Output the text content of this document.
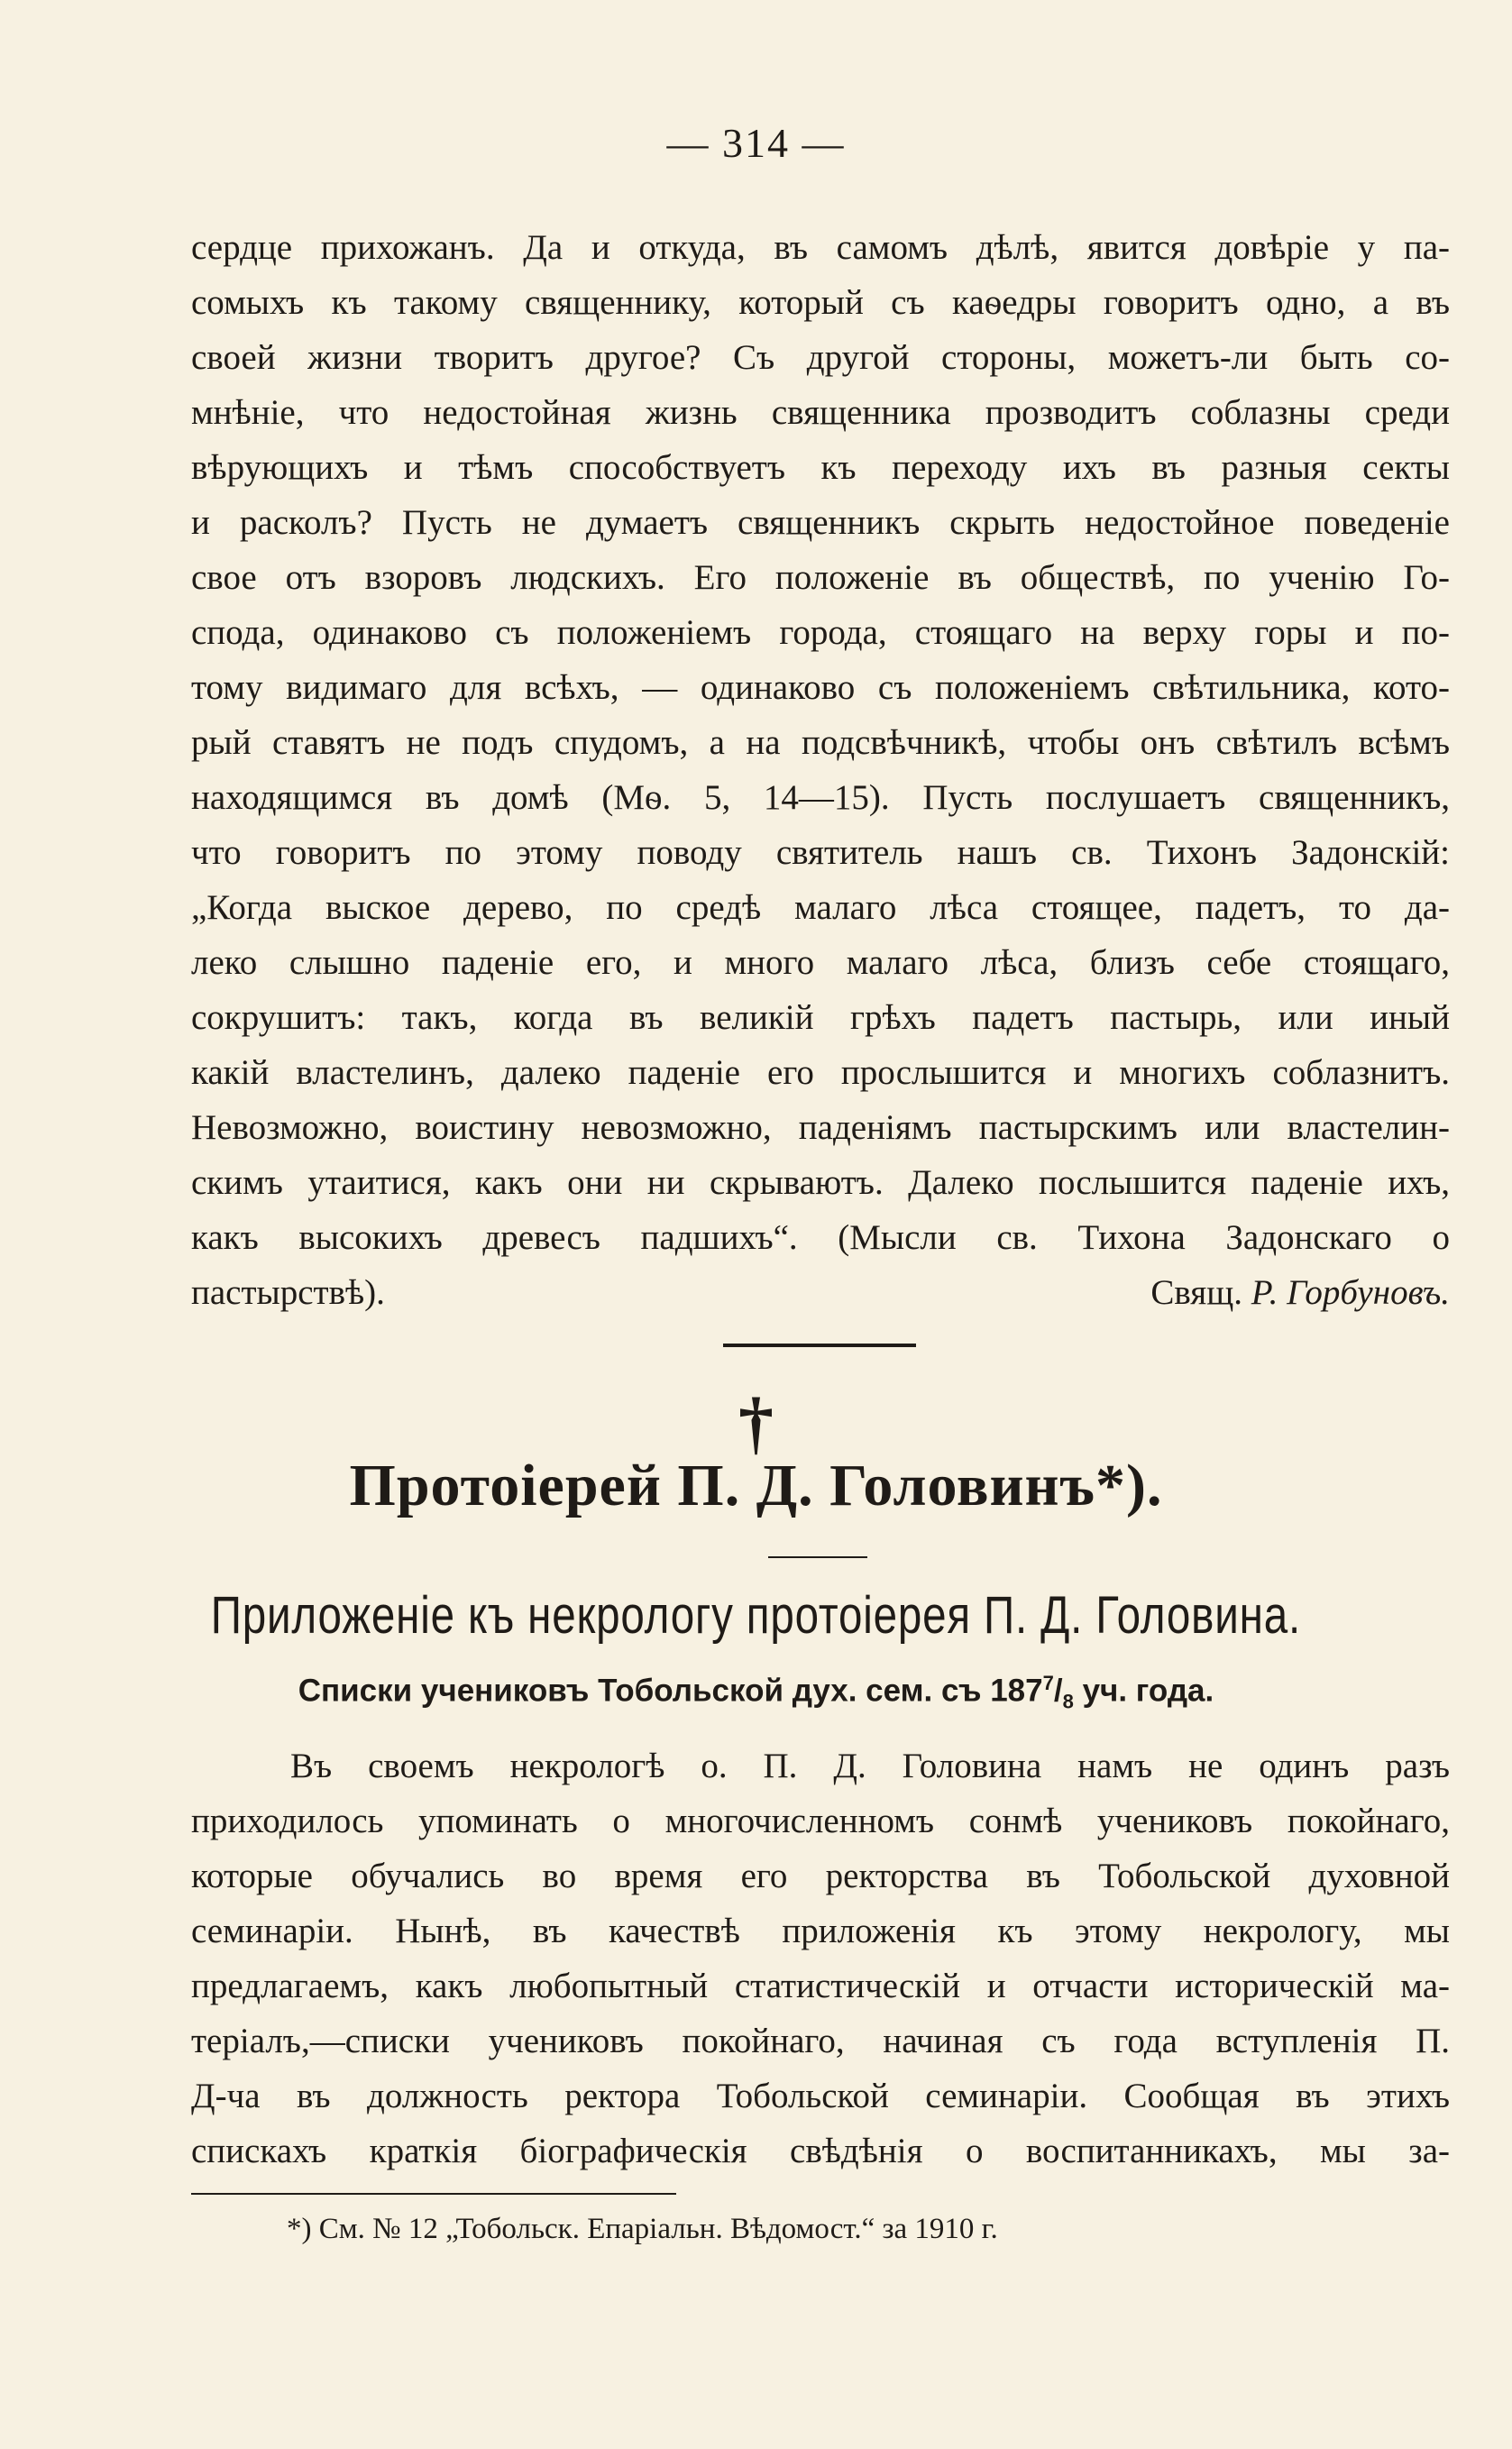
— 314 —

сердце прихожанъ. Да и откуда, въ самомъ дѣлѣ, явится довѣріе у па-

сомыхъ къ такому священнику, который съ каѳедры говоритъ одно, а въ

своей жизни творитъ другое? Съ другой стороны, можетъ-ли быть со-

мнѣніе, что недостойная жизнь священника прозводитъ соблазны среди

вѣрующихъ и тѣмъ способствуетъ къ переходу ихъ въ разныя секты

и расколъ? Пусть не думаетъ священникъ скрыть недостойное поведеніе

свое отъ взоровъ людскихъ. Его положеніе въ обществѣ, по ученію Го-

спода, одинаково съ положеніемъ города, стоящаго на верху горы и по-

тому видимаго для всѣхъ, — одинаково съ положеніемъ свѣтильника, кото-

рый ставятъ не подъ спудомъ, а на подсвѣчникѣ, чтобы онъ свѣтилъ всѣмъ

находящимся въ домѣ (Мѳ. 5, 14—15). Пусть послушаетъ священникъ,

что говоритъ по этому поводу святитель нашъ св. Тихонъ Задонскій:

„Когда выское дерево, по средѣ малаго лѣса стоящее, падетъ, то да-

леко слышно паденіе его, и много малаго лѣса, близъ себе стоящаго,

сокрушитъ: такъ, когда въ великій грѣхъ падетъ пастырь, или иный

какій властелинъ, далеко паденіе его прослышится и многихъ соблазнитъ.

Невозможно, воистину невозможно, паденіямъ пастырскимъ или властелин-

скимъ утаитися, какъ они ни скрываютъ. Далеко послышится паденіе ихъ,

какъ высокихъ древесъ падшихъ“. (Мысли св. Тихона Задонскаго о

пастырствѣ).	Свящ. Р. Горбуновъ.
†
Протоіерей П. Д. Головинъ*).
Приложеніе къ некрологу протоіерея П. Д. Головина.
Списки учениковъ Тобольской дух. сем. съ $187^7/_8$ уч. года.

Въ своемъ некрологѣ о. П. Д. Головина намъ не одинъ разъ

приходилось упоминать о многочисленномъ сонмѣ учениковъ покойнаго,

которые обучались во время его ректорства въ Тобольской духовной

семинаріи. Нынѣ, въ качествѣ приложенія къ этому некрологу, мы

предлагаемъ, какъ любопытный статистическій и отчасти историческій ма-

теріалъ,—списки учениковъ покойнаго, начиная съ года вступленія П.

Д-ча въ должность ректора Тобольской семинаріи. Сообщая въ этихъ

спискахъ краткія біографическія свѣдѣнія о воспитанникахъ, мы за-

*) См. № 12 „Тобольск. Епаріальн. Вѣдомост.“ за 1910 г.
